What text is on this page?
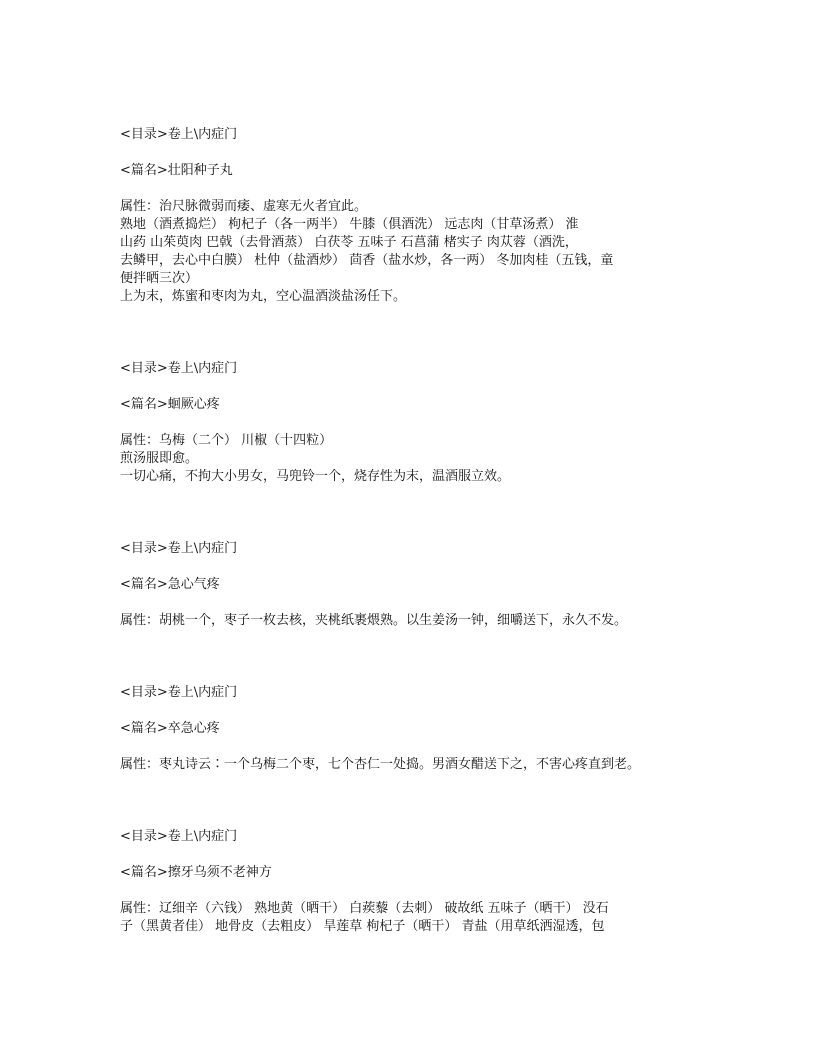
<目录>卷上\内症门

<篇名>壮阳种子丸

属性：治尺脉微弱而痿、虚寒无火者宜此。

熟地（酒煮捣烂） 枸杞子（各一两半） 牛膝（俱酒洗） 远志肉（甘草汤煮） 淮

山药 山茱萸肉 巴戟（去骨酒蒸） 白茯苓 五味子 石菖蒲 楮实子 肉苁蓉（酒洗，

去鳞甲，去心中白膜） 杜仲（盐酒炒） 茴香（盐水炒，各一两） 冬加肉桂（五钱，童

便拌晒三次）

上为末，炼蜜和枣肉为丸，空心温酒淡盐汤任下。

<目录>卷上\内症门

<篇名>蛔厥心疼

属性：乌梅（二个） 川椒（十四粒）

煎汤服即愈。

一切心痛，不拘大小男女，马兜铃一个，烧存性为末，温酒服立效。

<目录>卷上\内症门

<篇名>急心气疼

属性：胡桃一个，枣子一枚去核，夹桃纸裹煨熟。以生姜汤一钟，细嚼送下，永久不发。

<目录>卷上\内症门

<篇名>卒急心疼

属性：枣丸诗云∶一个乌梅二个枣，七个杏仁一处捣。男酒女醋送下之，不害心疼直到老。

<目录>卷上\内症门

<篇名>擦牙乌须不老神方

属性：辽细辛（六钱） 熟地黄（晒干） 白蒺藜（去刺） 破故纸 五味子（晒干） 没石

子（黑黄者佳） 地骨皮（去粗皮） 旱莲草 枸杞子（晒干） 青盐（用草纸洒湿透，包
